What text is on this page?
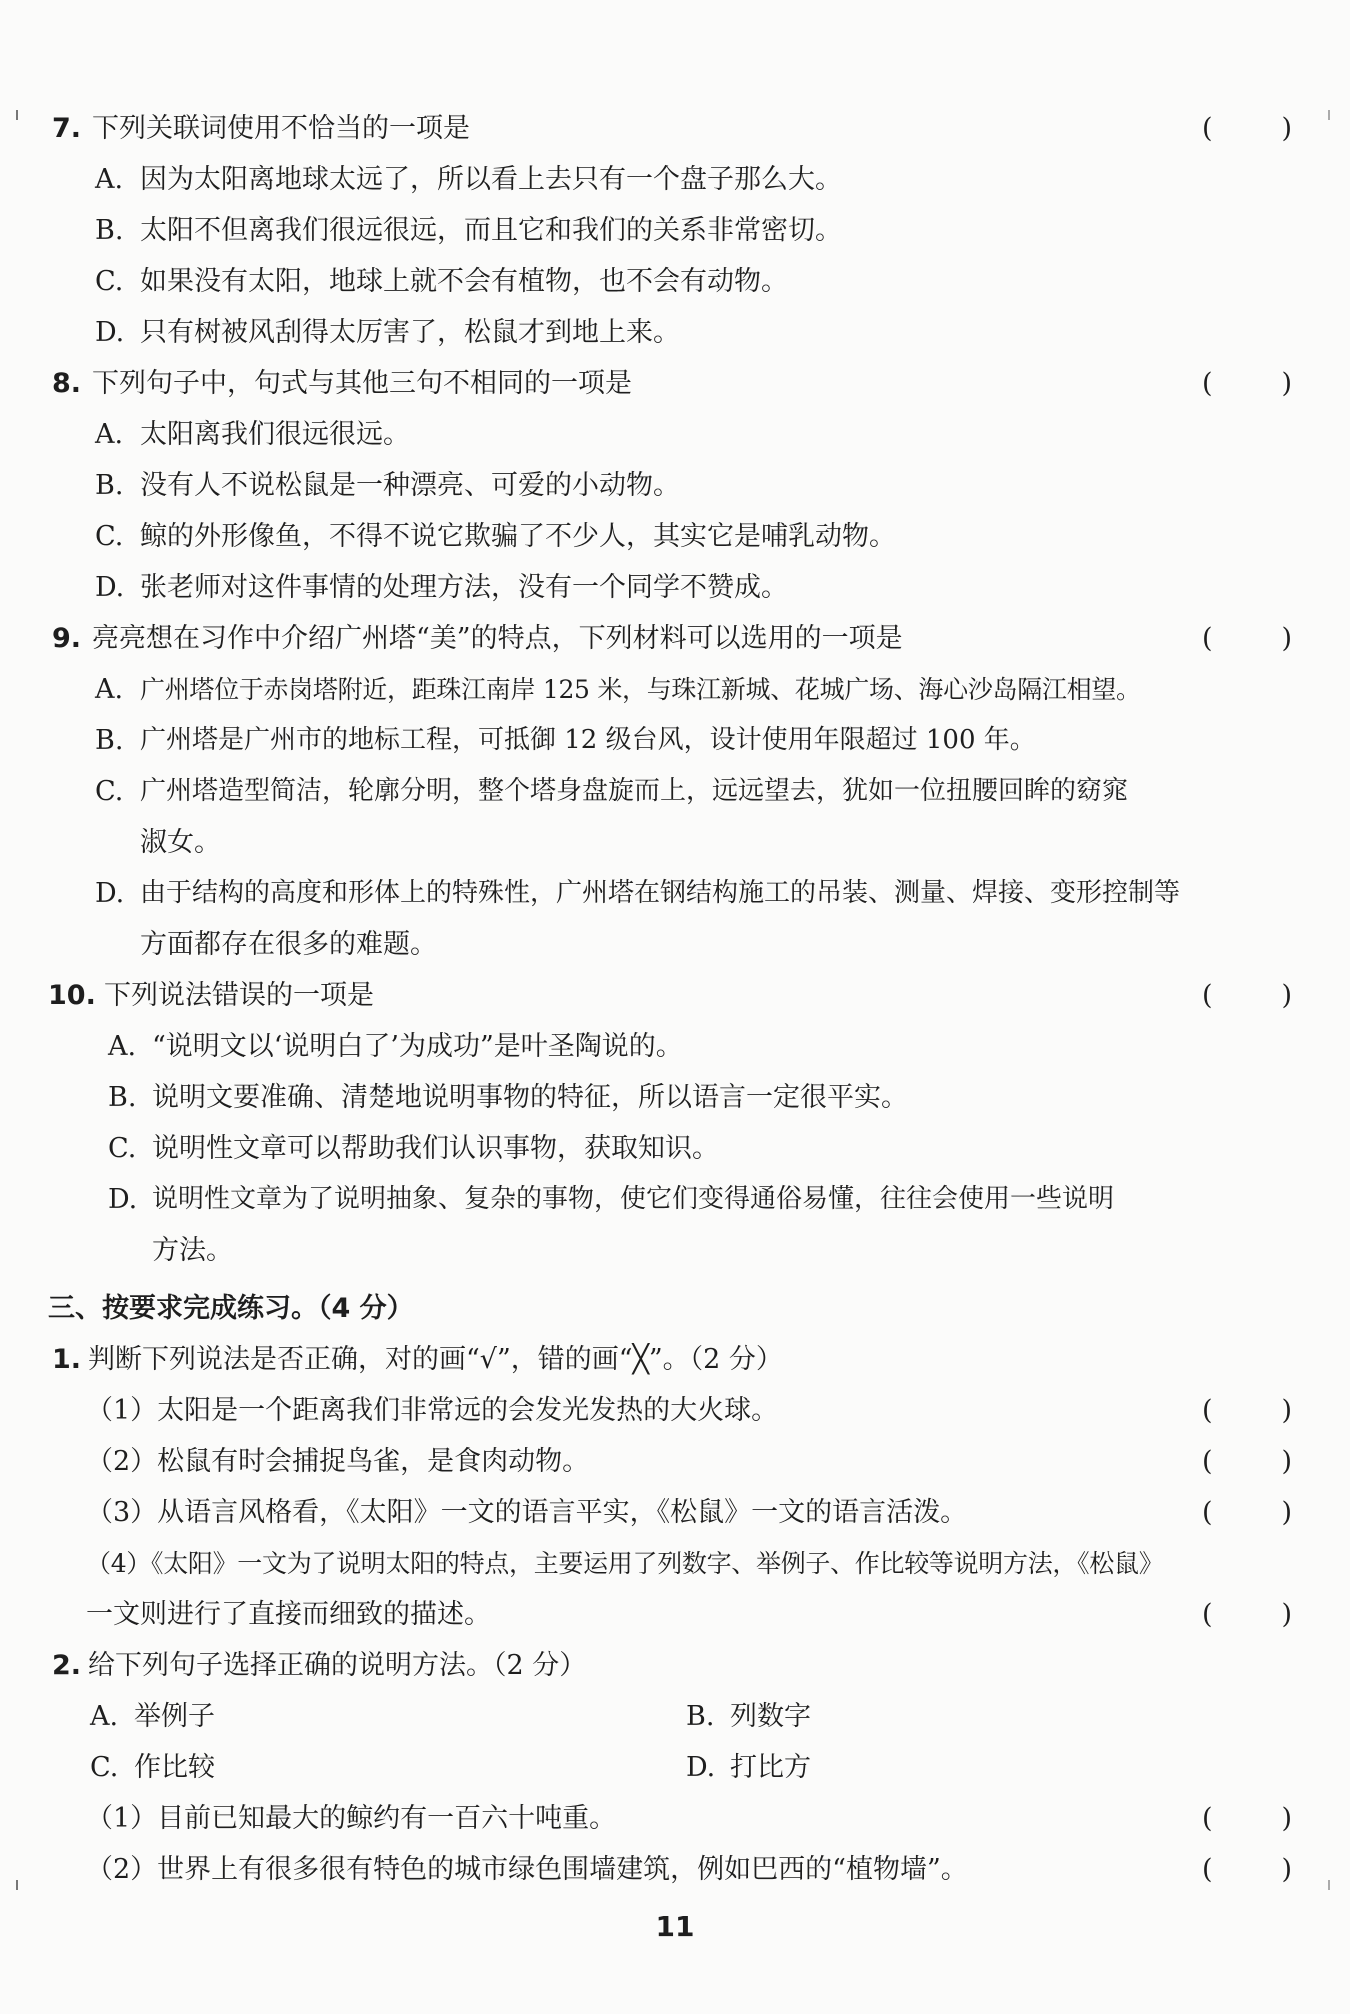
7. 下列关联词使用不恰当的一项是	(	)
A. 因为太阳离地球太远了，所以看上去只有一个盘子那么大。
B. 太阳不但离我们很远很远，而且它和我们的关系非常密切。
C. 如果没有太阳，地球上就不会有植物，也不会有动物。
D. 只有树被风刮得太厉害了，松鼠才到地上来。
8. 下列句子中，句式与其他三句不相同的一项是	(	)
A. 太阳离我们很远很远。
B. 没有人不说松鼠是一种漂亮、可爱的小动物。
C. 鲸的外形像鱼，不得不说它欺骗了不少人，其实它是哺乳动物。
D. 张老师对这件事情的处理方法，没有一个同学不赞成。
9. 亮亮想在习作中介绍广州塔“美”的特点，下列材料可以选用的一项是	(	)
A. 广州塔位于赤岗塔附近，距珠江南岸 125 米，与珠江新城、花城广场、海心沙岛隔江相望。
B. 广州塔是广州市的地标工程，可抵御 12 级台风，设计使用年限超过 100 年。
C. 广州塔造型简洁，轮廓分明，整个塔身盘旋而上，远远望去，犹如一位扭腰回眸的窈窕
淑女。
D. 由于结构的高度和形体上的特殊性，广州塔在钢结构施工的吊装、测量、焊接、变形控制等
方面都存在很多的难题。
10. 下列说法错误的一项是	(	)
A. “说明文以‘说明白了’为成功”是叶圣陶说的。
B. 说明文要准确、清楚地说明事物的特征，所以语言一定很平实。
C. 说明性文章可以帮助我们认识事物，获取知识。
D. 说明性文章为了说明抽象、复杂的事物，使它们变得通俗易懂，往往会使用一些说明
方法。
三、按要求完成练习。（4 分）
1. 判断下列说法是否正确，对的画“√”，错的画“╳”。（2 分）
（1）太阳是一个距离我们非常远的会发光发热的大火球。	(	)
（2）松鼠有时会捕捉鸟雀，是食肉动物。	(	)
（3）从语言风格看，《太阳》一文的语言平实，《松鼠》一文的语言活泼。	(	)
（4）《太阳》一文为了说明太阳的特点，主要运用了列数字、举例子、作比较等说明方法，《松鼠》
一文则进行了直接而细致的描述。	(	)
2. 给下列句子选择正确的说明方法。（2 分）
A. 举例子	B. 列数字
C. 作比较	D. 打比方
（1）目前已知最大的鲸约有一百六十吨重。	(	)
（2）世界上有很多很有特色的城市绿色围墙建筑，例如巴西的“植物墙”。	(	)
11
